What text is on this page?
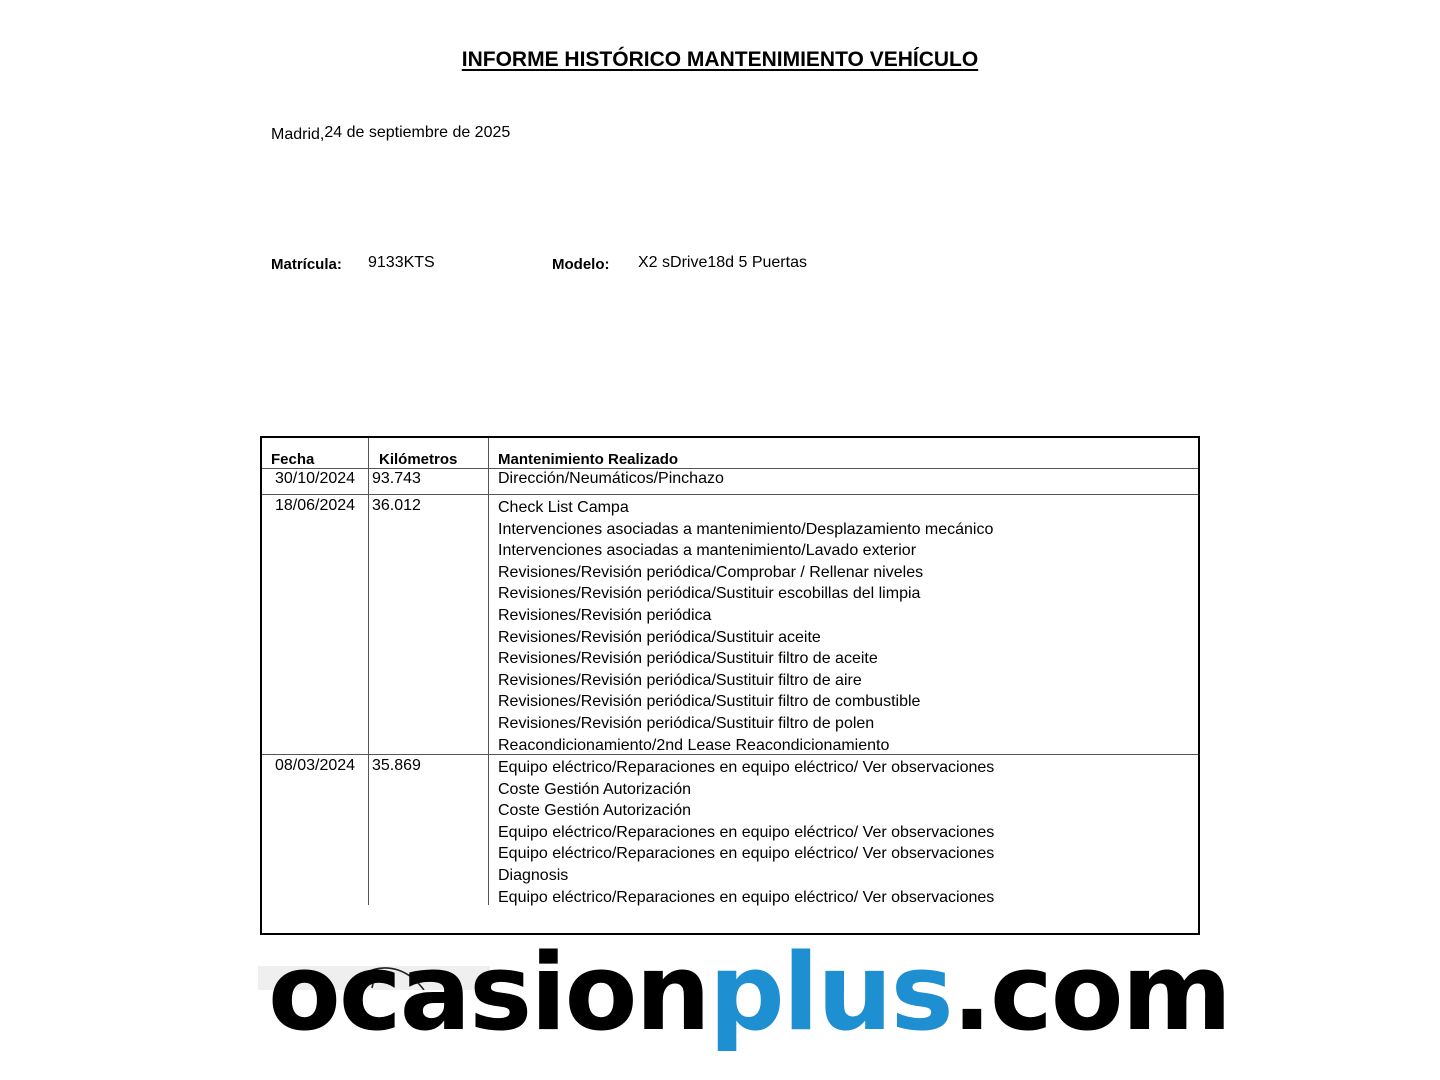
INFORME HISTÓRICO MANTENIMIENTO VEHÍCULO
Madrid,24 de septiembre de 2025
Matrícula: 9133KTS	Modelo: X2 sDrive18d 5 Puertas
Fecha	Kilómetros	Mantenimiento Realizado
30/10/2024 93.743	Dirección/Neumáticos/Pinchazo
18/06/2024 36.012	Check List Campa
Intervenciones asociadas a mantenimiento/Desplazamiento mecánico
Intervenciones asociadas a mantenimiento/Lavado exterior
Revisiones/Revisión periódica/Comprobar / Rellenar niveles
Revisiones/Revisión periódica/Sustituir escobillas del limpia
Revisiones/Revisión periódica
Revisiones/Revisión periódica/Sustituir aceite
Revisiones/Revisión periódica/Sustituir filtro de aceite
Revisiones/Revisión periódica/Sustituir filtro de aire
Revisiones/Revisión periódica/Sustituir filtro de combustible
Revisiones/Revisión periódica/Sustituir filtro de polen
Reacondicionamiento/2nd Lease Reacondicionamiento
08/03/2024 35.869	Equipo eléctrico/Reparaciones en equipo eléctrico/ Ver observaciones
Coste Gestión Autorización
Coste Gestión Autorización
Equipo eléctrico/Reparaciones en equipo eléctrico/ Ver observaciones
Equipo eléctrico/Reparaciones en equipo eléctrico/ Ver observaciones
Diagnosis
Equipo eléctrico/Reparaciones en equipo eléctrico/ Ver observaciones
ocasionplus.com
